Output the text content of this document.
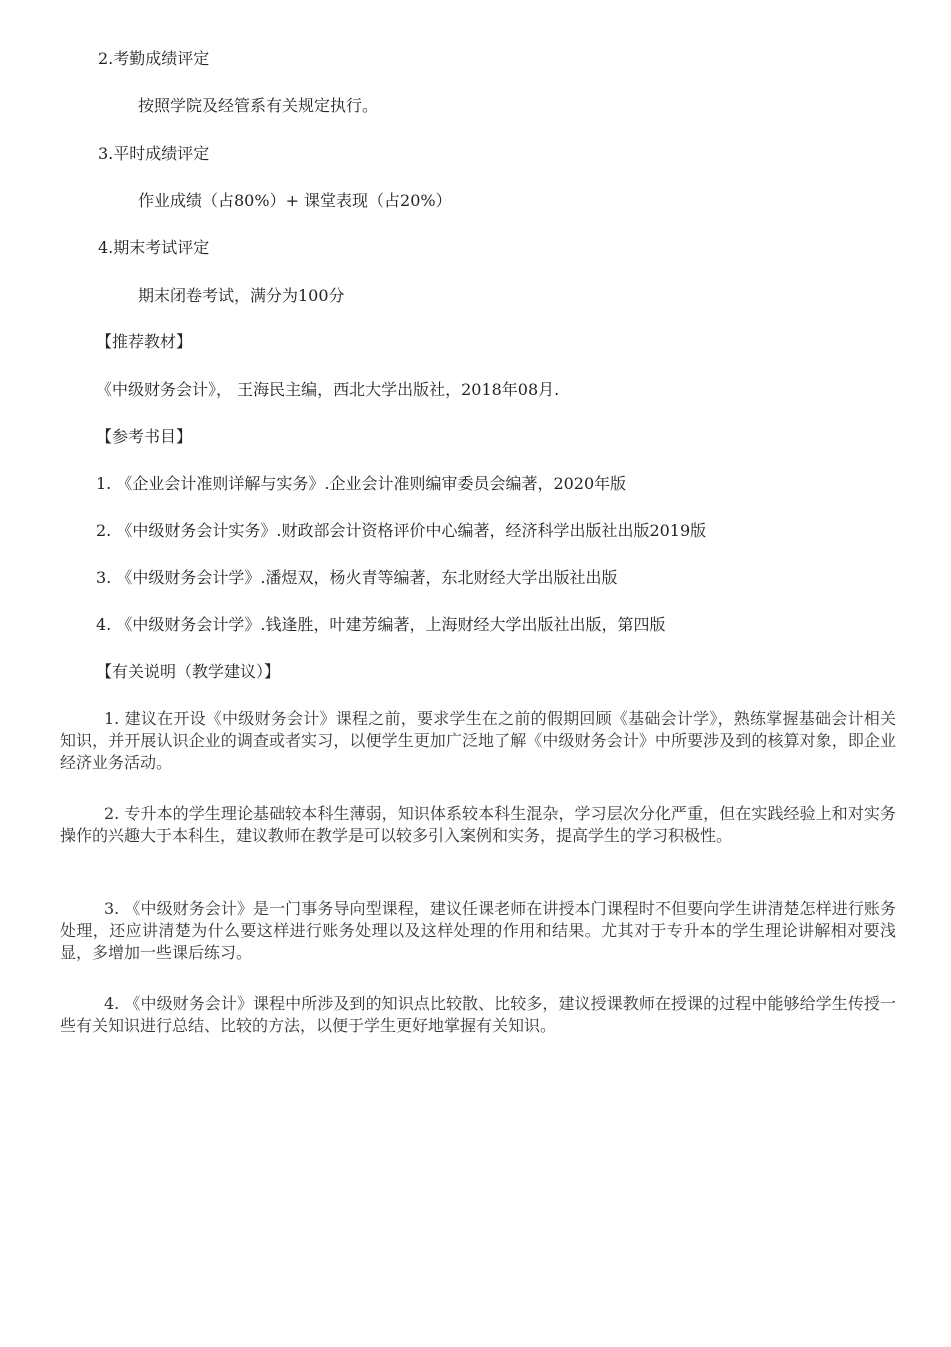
2.考勤成绩评定
按照学院及经管系有关规定执行。
3.平时成绩评定
作业成绩（占80%）+ 课堂表现（占20%）
4.期末考试评定
期末闭卷考试，满分为100分
【推荐教材】
《中级财务会计》， 王海民主编，西北大学出版社，2018年08月.
【参考书目】
1. 《企业会计准则详解与实务》.企业会计准则编审委员会编著，2020年版
2. 《中级财务会计实务》.财政部会计资格评价中心编著，经济科学出版社出版2019版
3. 《中级财务会计学》.潘煜双，杨火青等编著，东北财经大学出版社出版
4. 《中级财务会计学》.钱逢胜，叶建芳编著，上海财经大学出版社出版，第四版
【有关说明（教学建议）】
1. 建议在开设《中级财务会计》课程之前，要求学生在之前的假期回顾《基础会计学》，熟练掌握基础会计相关知识，并开展认识企业的调查或者实习，以便学生更加广泛地了解《中级财务会计》中所要涉及到的核算对象，即企业经济业务活动。
2. 专升本的学生理论基础较本科生薄弱，知识体系较本科生混杂，学习层次分化严重，但在实践经验上和对实务操作的兴趣大于本科生，建议教师在教学是可以较多引入案例和实务，提高学生的学习积极性。
3. 《中级财务会计》是一门事务导向型课程，建议任课老师在讲授本门课程时不但要向学生讲清楚怎样进行账务处理，还应讲清楚为什么要这样进行账务处理以及这样处理的作用和结果。尤其对于专升本的学生理论讲解相对要浅显，多增加一些课后练习。
4. 《中级财务会计》课程中所涉及到的知识点比较散、比较多，建议授课教师在授课的过程中能够给学生传授一些有关知识进行总结、比较的方法，以便于学生更好地掌握有关知识。
